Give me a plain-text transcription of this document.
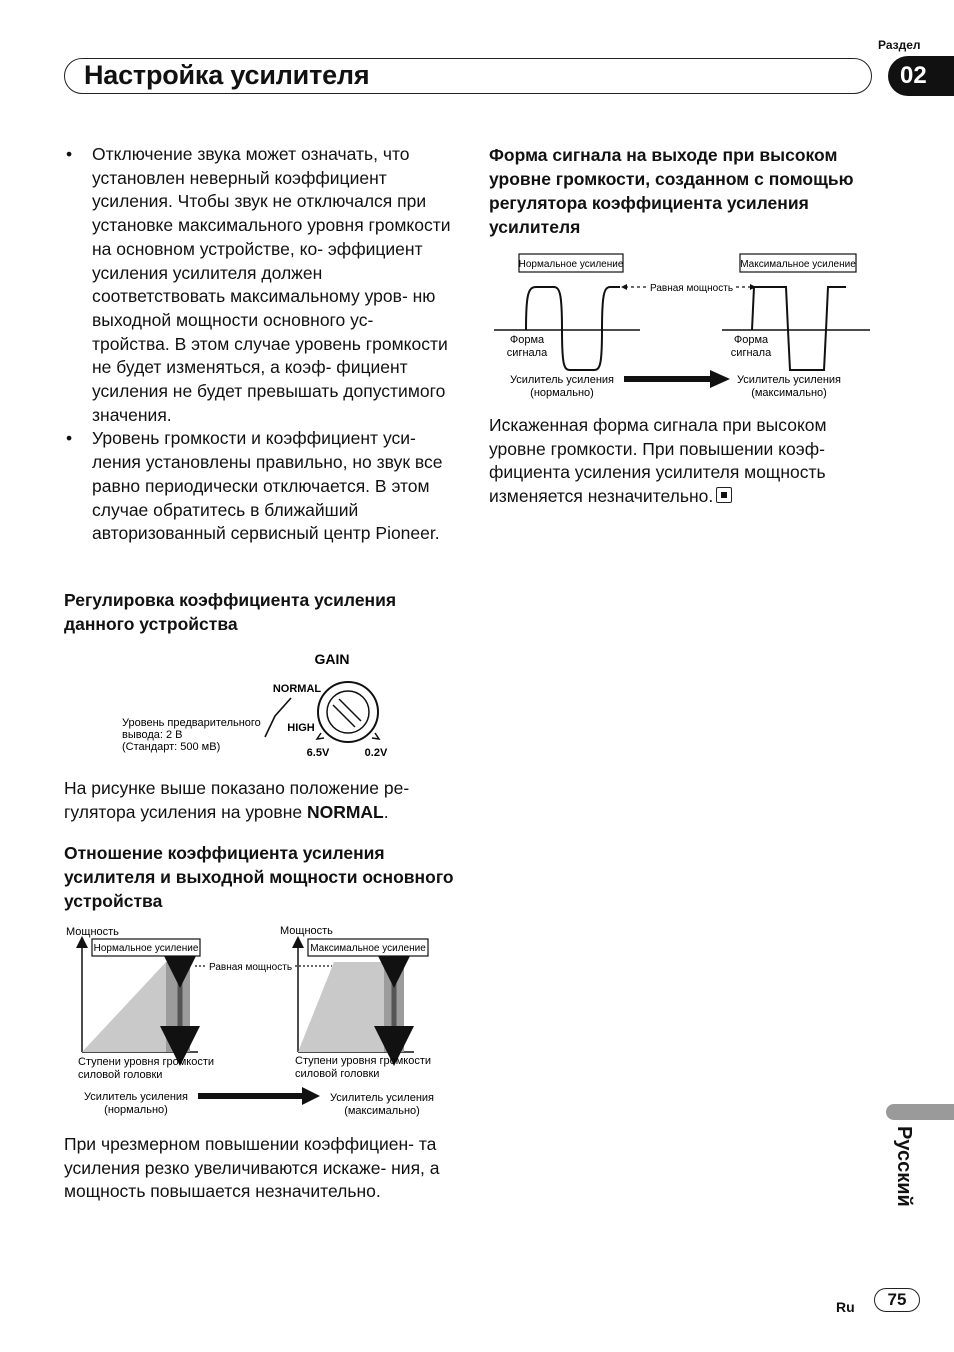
Раздел
Настройка усилителя	02
•	Отключение звука может означать, что установлен неверный коэффициент усиления. Чтобы звук не отключался при установке максимального уровня громкости на основном устройстве, ко- эффициент усиления усилителя должен соответствовать максимальному уров- ню выходной мощности основного ус- тройства. В этом случае уровень громкости не будет изменяться, а коэф- фициент усиления не будет превышать допустимого значения.
•	Уровень громкости и коэффициент уси- ления установлены правильно, но звук все равно периодически отключается. В этом случае обратитесь в ближайший авторизованный сервисный центр Pioneer.
Регулировка коэффициента усиления данного устройства
GAIN
NORMAL
HIGH
6.5V	0.2V
Уровень предварительного
вывода: 2 В
(Стандарт: 500 мВ)
На рисунке выше показано положение ре- гулятора усиления на уровне NORMAL.
Отношение коэффициента усиления усилителя и выходной мощности основного устройства
Мощность	Мощность
Нормальное усиление
Равная мощность
Максимальное усиление
Ступени уровня громкости
силовой головки
Ступени уровня громкости
силовой головки
Усилитель усиления
(нормально)
Усилитель усиления
(максимально)
При чрезмерном повышении коэффициен- та усиления резко увеличиваются искаже- ния, а мощность повышается незначительно.
Форма сигнала на выходе при высоком уровне громкости, созданном с помощью регулятора коэффициента усиления усилителя
Нормальное усиление	Максимальное усиление
Равная мощность
Форма
сигнала
Форма
сигнала
Усилитель усиления
(нормально)
Усилитель усиления
(максимально)
Искаженная форма сигнала при высоком уровне громкости. При повышении коэф- фициента усиления усилителя мощность изменяется незначительно.
Русский
Ru	75
